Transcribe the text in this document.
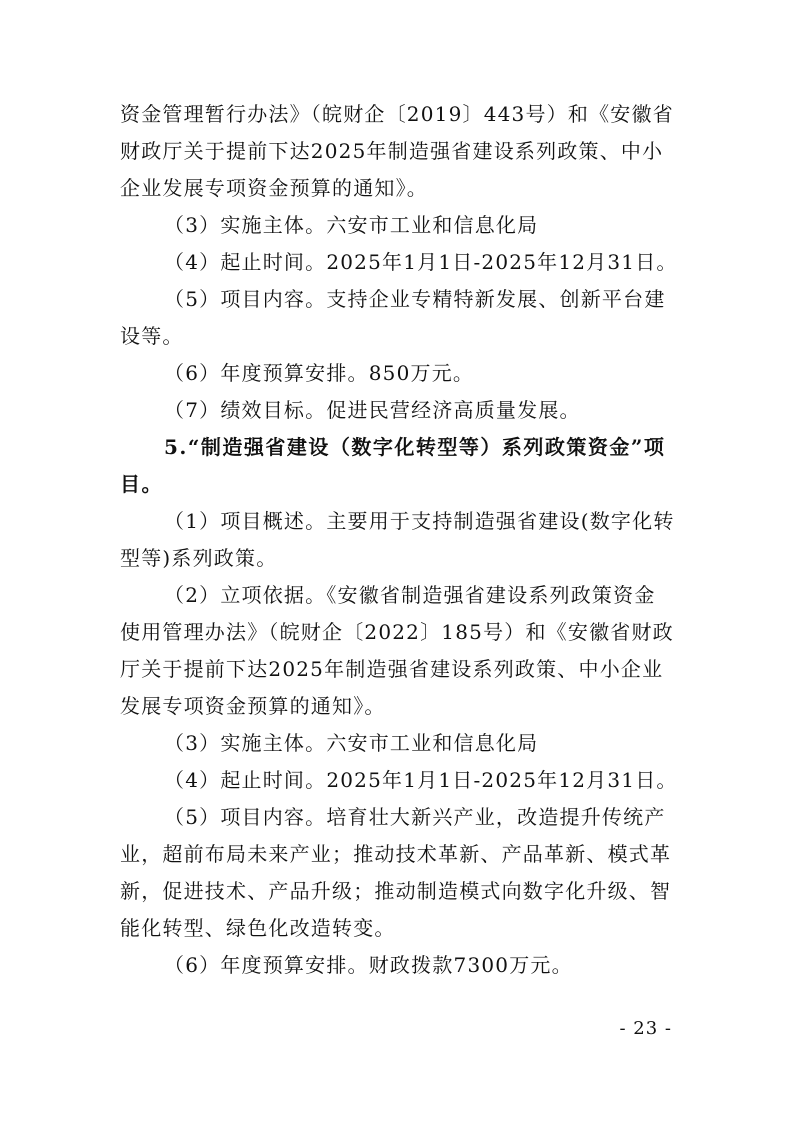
资金管理暂行办法》（皖财企〔2019〕443号）和《安徽省
财政厅关于提前下达2025年制造强省建设系列政策、中小
企业发展专项资金预算的通知》。
（3）实施主体。六安市工业和信息化局
（4）起止时间。2025年1月1日-2025年12月31日。
（5）项目内容。支持企业专精特新发展、创新平台建
设等。
（6）年度预算安排。850万元。
（7）绩效目标。促进民营经济高质量发展。
5.“制造强省建设（数字化转型等）系列政策资金”项
目。
（1）项目概述。主要用于支持制造强省建设(数字化转
型等)系列政策。
（2）立项依据。《安徽省制造强省建设系列政策资金
使用管理办法》（皖财企〔2022〕185号）和《安徽省财政
厅关于提前下达2025年制造强省建设系列政策、中小企业
发展专项资金预算的通知》。
（3）实施主体。六安市工业和信息化局
（4）起止时间。2025年1月1日-2025年12月31日。
（5）项目内容。培育壮大新兴产业，改造提升传统产
业，超前布局未来产业；推动技术革新、产品革新、模式革
新，促进技术、产品升级；推动制造模式向数字化升级、智
能化转型、绿色化改造转变。
（6）年度预算安排。财政拨款7300万元。
- 23 -
